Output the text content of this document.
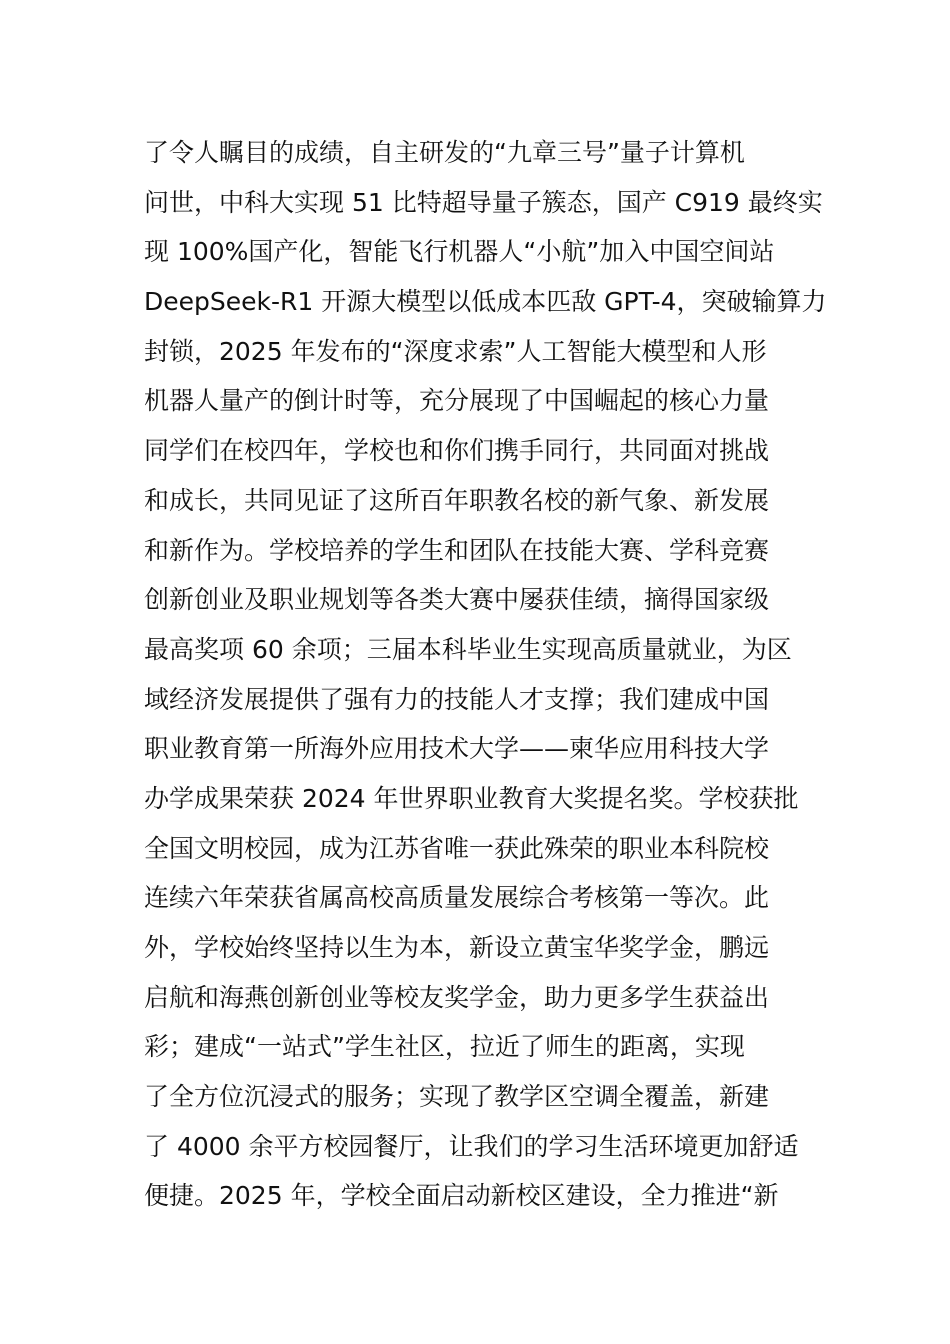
了令人瞩目的成绩，自主研发的“九章三号”量子计算机
问世，中科大实现 51 比特超导量子簇态，国产 C919 最终实
现 100%国产化，智能飞行机器人“小航”加入中国空间站
DeepSeek-R1 开源大模型以低成本匹敌 GPT-4，突破输算力
封锁，2025 年发布的“深度求索”人工智能大模型和人形
机器人量产的倒计时等，充分展现了中国崛起的核心力量
同学们在校四年，学校也和你们携手同行，共同面对挑战
和成长，共同见证了这所百年职教名校的新气象、新发展
和新作为。学校培养的学生和团队在技能大赛、学科竞赛
创新创业及职业规划等各类大赛中屡获佳绩，摘得国家级
最高奖项 60 余项；三届本科毕业生实现高质量就业，为区
域经济发展提供了强有力的技能人才支撑；我们建成中国
职业教育第一所海外应用技术大学——柬华应用科技大学
办学成果荣获 2024 年世界职业教育大奖提名奖。学校获批
全国文明校园，成为江苏省唯一获此殊荣的职业本科院校
连续六年荣获省属高校高质量发展综合考核第一等次。此
外，学校始终坚持以生为本，新设立黄宝华奖学金，鹏远
启航和海燕创新创业等校友奖学金，助力更多学生获益出
彩；建成“一站式”学生社区，拉近了师生的距离，实现
了全方位沉浸式的服务；实现了教学区空调全覆盖，新建
了 4000 余平方校园餐厅，让我们的学习生活环境更加舒适
便捷。2025 年，学校全面启动新校区建设，全力推进“新
